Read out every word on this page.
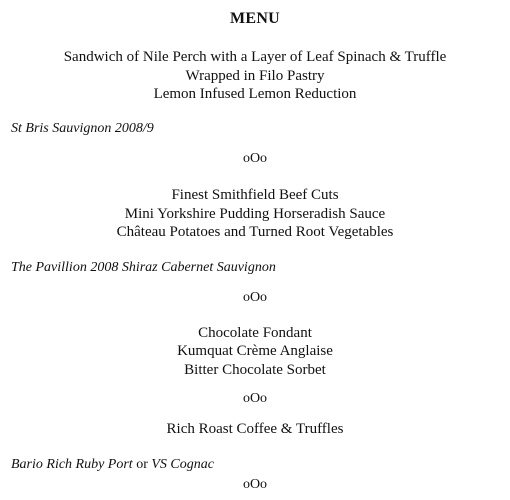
MENU
Sandwich of Nile Perch with a Layer of Leaf Spinach & Truffle
Wrapped in Filo Pastry
Lemon Infused Lemon Reduction
St Bris Sauvignon 2008/9
oOo
Finest Smithfield Beef Cuts
Mini Yorkshire Pudding Horseradish Sauce
Château Potatoes and Turned Root Vegetables
The Pavillion 2008 Shiraz Cabernet Sauvignon
oOo
Chocolate Fondant
Kumquat Crème Anglaise
Bitter Chocolate Sorbet
oOo
Rich Roast Coffee & Truffles
Bario Rich Ruby Port or VS Cognac
oOo
